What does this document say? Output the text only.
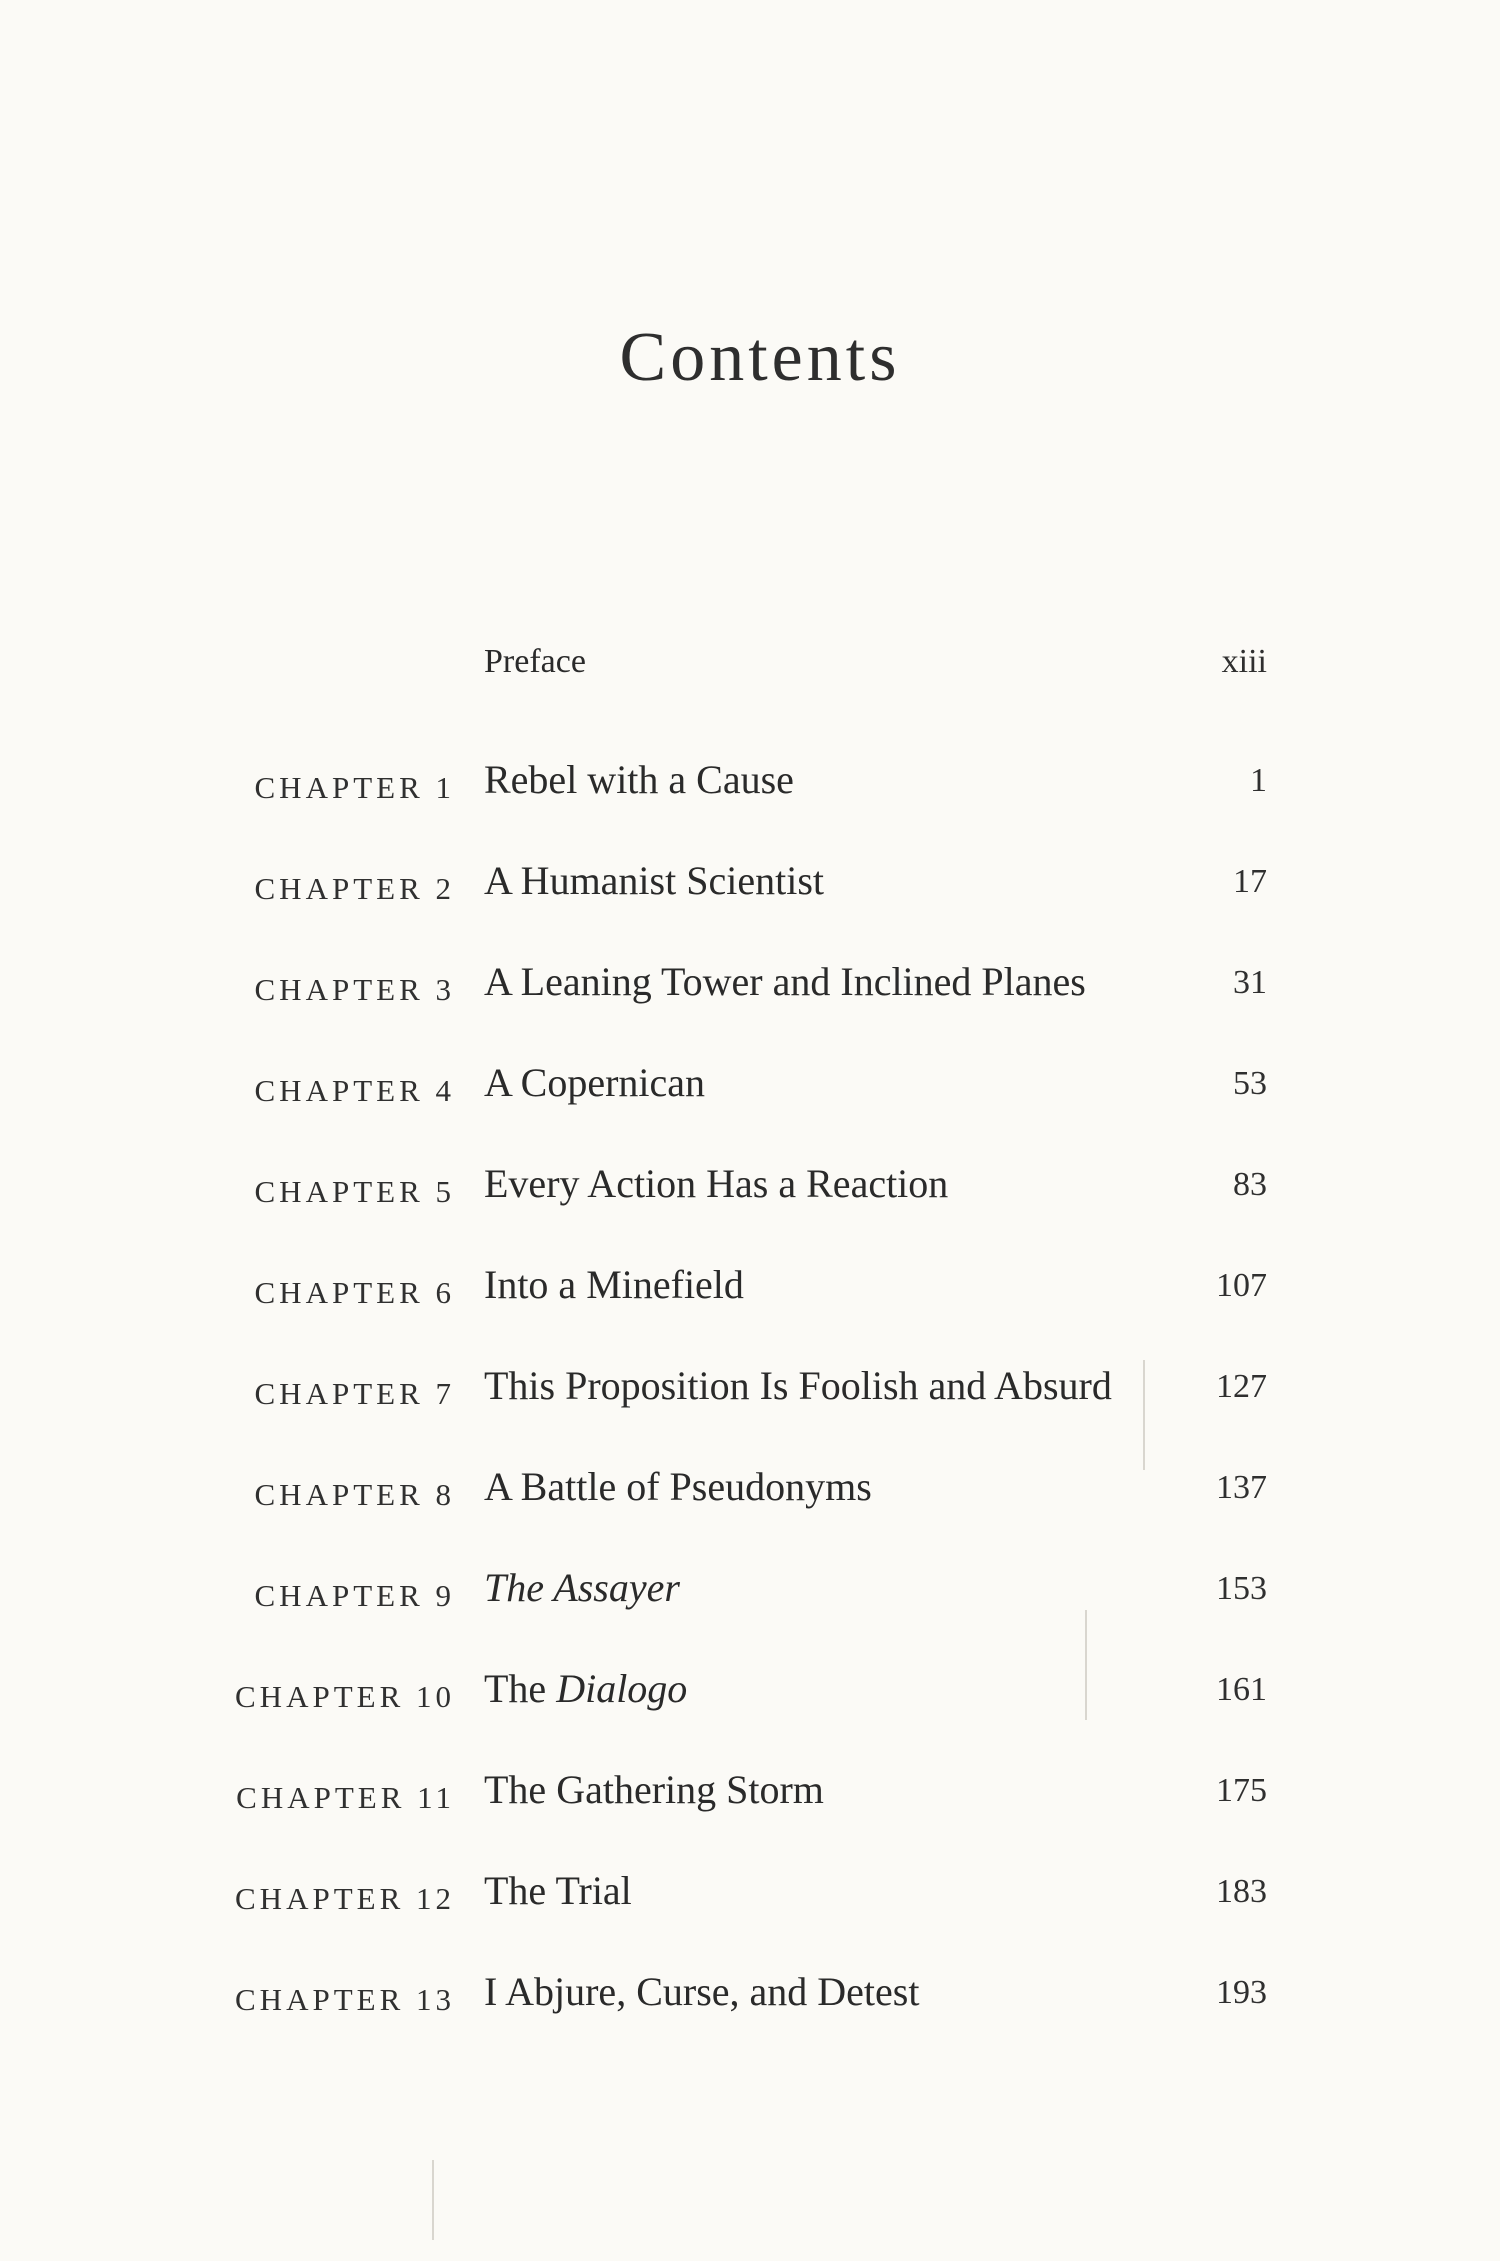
Contents
Preface	xiii
CHAPTER 1 Rebel with a Cause	1
CHAPTER 2 A Humanist Scientist	17
CHAPTER 3 A Leaning Tower and Inclined Planes	31
CHAPTER 4 A Copernican	53
CHAPTER 5 Every Action Has a Reaction	83
CHAPTER 6 Into a Minefield	107
CHAPTER 7 This Proposition Is Foolish and Absurd	127
CHAPTER 8 A Battle of Pseudonyms	137
CHAPTER 9 The Assayer	153
CHAPTER 10 The Dialogo	161
CHAPTER 11 The Gathering Storm	175
CHAPTER 12 The Trial	183
CHAPTER 13 I Abjure, Curse, and Detest	193
